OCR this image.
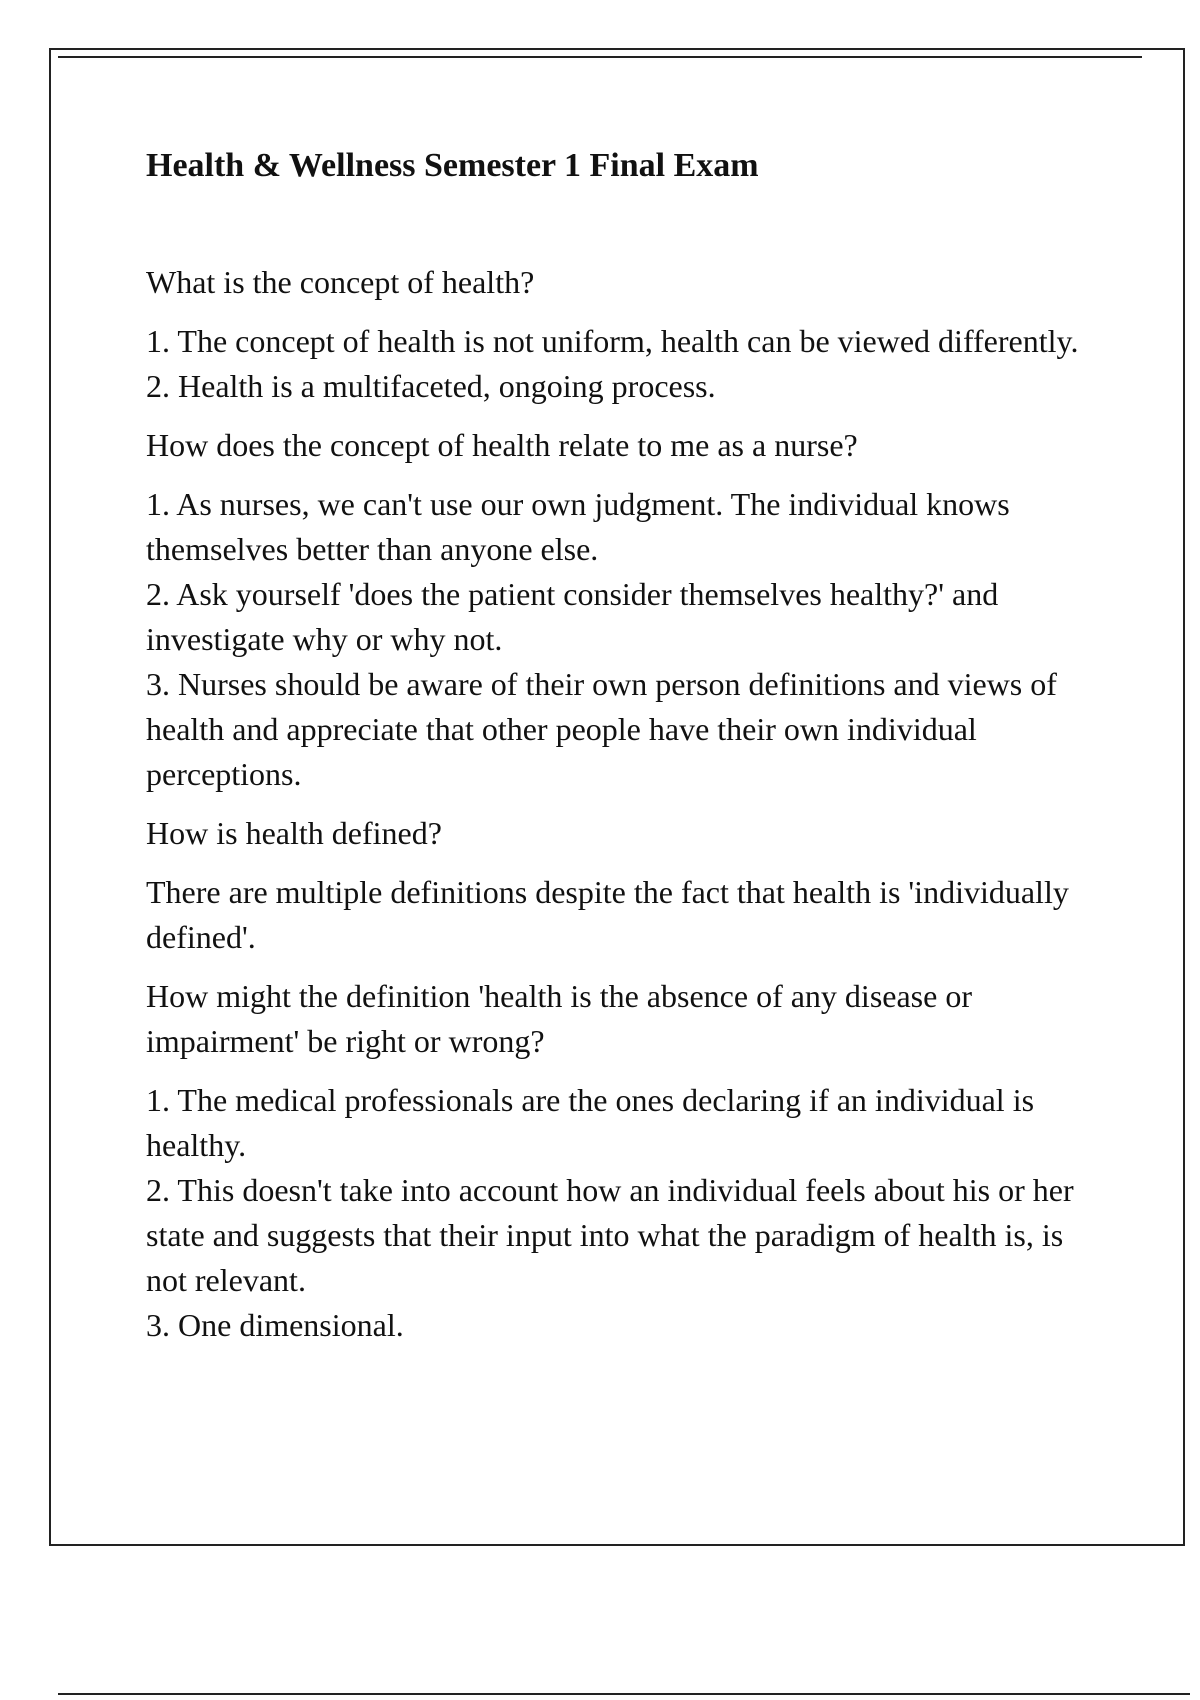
Health & Wellness Semester 1 Final Exam

What is the concept of health?

1. The concept of health is not uniform, health can be viewed differently.

2. Health is a multifaceted, ongoing process.

How does the concept of health relate to me as a nurse?

1. As nurses, we can't use our own judgment. The individual knows themselves better than anyone else.

2. Ask yourself 'does the patient consider themselves healthy?' and investigate why or why not.

3. Nurses should be aware of their own person definitions and views of health and appreciate that other people have their own individual perceptions.

How is health defined?

There are multiple definitions despite the fact that health is 'individually defined'.

How might the definition 'health is the absence of any disease or impairment' be right or wrong?

1. The medical professionals are the ones declaring if an individual is healthy.

2. This doesn't take into account how an individual feels about his or her state and suggests that their input into what the paradigm of health is, is not relevant.

3. One dimensional.
